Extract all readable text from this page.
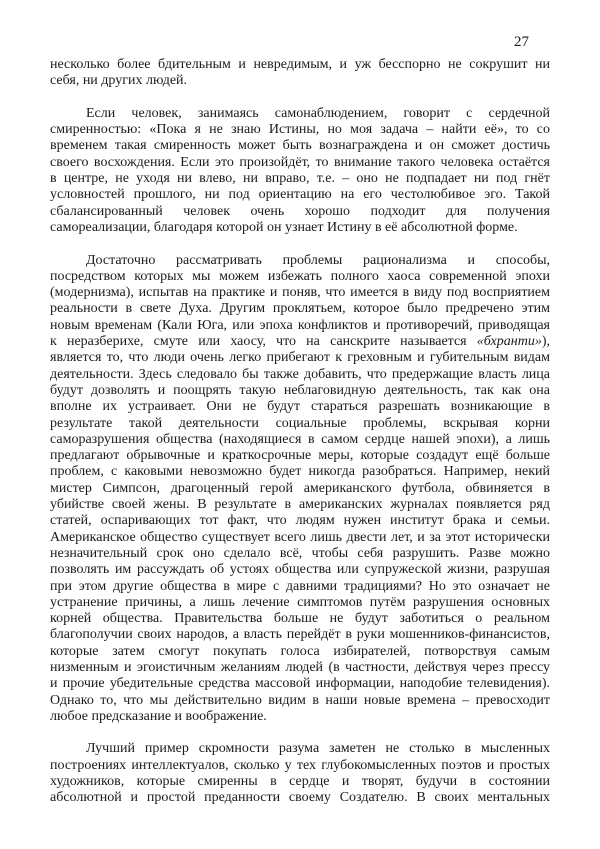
27
несколько более бдительным и невредимым, и уж бесспорно не сокрушит ни
себя, ни других людей.
Если человек, занимаясь самонаблюдением, говорит с сердечной
смиренностью: «Пока я не знаю Истины, но моя задача – найти её», то со
временем такая смиренность может быть вознаграждена и он сможет достичь
своего восхождения. Если это произойдёт, то внимание такого человека остаётся
в центре, не уходя ни влево, ни вправо, т.е. – оно не подпадает ни под гнёт
условностей прошлого, ни под ориентацию на его честолюбивое эго. Такой
сбалансированный человек очень хорошо подходит для получения
самореализации, благодаря которой он узнает Истину в её абсолютной форме.
Достаточно рассматривать проблемы рационализма и способы,
посредством которых мы можем избежать полного хаоса современной эпохи
(модернизма), испытав на практике и поняв, что имеется в виду под восприятием
реальности в свете Духа. Другим проклятьем, которое было предречено этим
новым временам (Кали Юга, или эпоха конфликтов и противоречий, приводящая
к неразберихе, смуте или хаосу, что на санскрите называется «бхранти»),
является то, что люди очень легко прибегают к греховным и губительным видам
деятельности. Здесь следовало бы также добавить, что предержащие власть лица
будут дозволять и поощрять такую неблаговидную деятельность, так как она
вполне их устраивает. Они не будут стараться разрешать возникающие в
результате такой деятельности социальные проблемы, вскрывая корни
саморазрушения общества (находящиеся в самом сердце нашей эпохи), а лишь
предлагают обрывочные и краткосрочные меры, которые создадут ещё больше
проблем, с каковыми невозможно будет никогда разобраться. Например, некий
мистер Симпсон, драгоценный герой американского футбола, обвиняется в
убийстве своей жены. В результате в американских журналах появляется ряд
статей, оспаривающих тот факт, что людям нужен институт брака и семьи.
Американское общество существует всего лишь двести лет, и за этот исторически
незначительный срок оно сделало всё, чтобы себя разрушить. Разве можно
позволять им рассуждать об устоях общества или супружеской жизни, разрушая
при этом другие общества в мире с давними традициями? Но это означает не
устранение причины, а лишь лечение симптомов путём разрушения основных
корней общества. Правительства больше не будут заботиться о реальном
благополучии своих народов, а власть перейдёт в руки мошенников-финансистов,
которые затем смогут покупать голоса избирателей, потворствуя самым
низменным и эгоистичным желаниям людей (в частности, действуя через прессу
и прочие убедительные средства массовой информации, наподобие телевидения).
Однако то, что мы действительно видим в наши новые времена – превосходит
любое предсказание и воображение.
Лучший пример скромности разума заметен не столько в мысленных
построениях интеллектуалов, сколько у тех глубокомысленных поэтов и простых
художников, которые смиренны в сердце и творят, будучи в состоянии
абсолютной и простой преданности своему Создателю. В своих ментальных
